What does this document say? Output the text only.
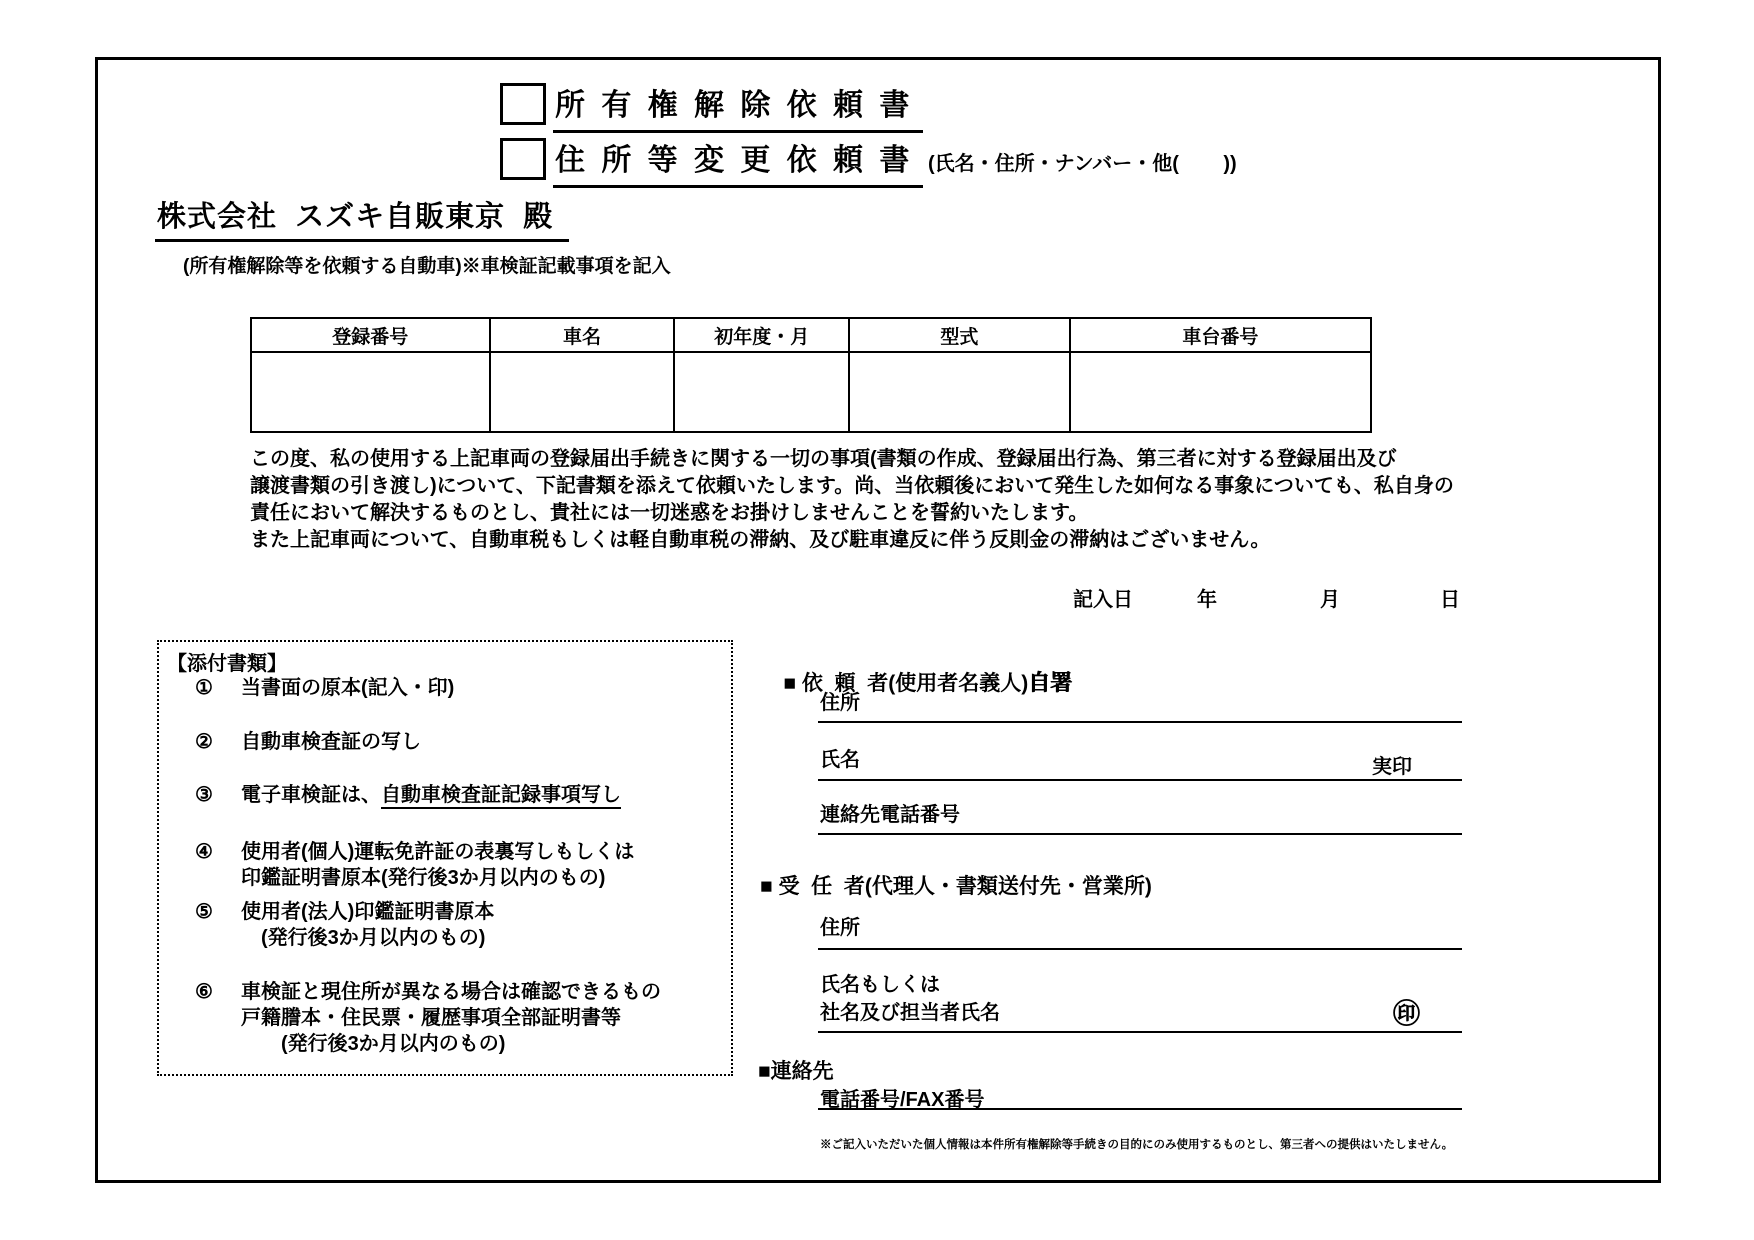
所 有 権 解 除 依 頼 書
住 所 等 変 更 依 頼 書 (氏名・住所・ナンバー・他(        ))
株式会社  スズキ自販東京  殿
(所有権解除等を依頼する自動車)※車検証記載事項を記入
登録番号	車名	初年度・月	型式	車台番号

この度、私の使用する上記車両の登録届出手続きに関する一切の事項(書類の作成、登録届出行為、第三者に対する登録届出及び
譲渡書類の引き渡し)について、下記書類を添えて依頼いたします。尚、当依頼後において発生した如何なる事象についても、私自身の
責任において解決するものとし、貴社には一切迷惑をお掛けしませんことを誓約いたします。
また上記車両について、自動車税もしくは軽自動車税の滞納、及び駐車違反に伴う反則金の滞納はございません。
記入日	年	月	日
【添付書類】
①	当書面の原本(記入・印)
②	自動車検査証の写し
③	電子車検証は、自動車検査証記録事項写し
④	使用者(個人)運転免許証の表裏写しもしくは
印鑑証明書原本(発行後3か月以内のもの)
⑤	使用者(法人)印鑑証明書原本
(発行後3か月以内のもの)
⑥	車検証と現住所が異なる場合は確認できるもの
戸籍謄本・住民票・履歴事項全部証明書等
(発行後3か月以内のもの)

■ 依  頼  者(使用者名義人)自署

住所
氏名	実印
連絡先電話番号
■ 受  任  者(代理人・書類送付先・営業所)
住所
氏名もしくは
社名及び担当者氏名	㊞
■連絡先
電話番号/FAX番号
※ご記入いただいた個人情報は本件所有権解除等手続きの目的にのみ使用するものとし、第三者への提供はいたしません。
